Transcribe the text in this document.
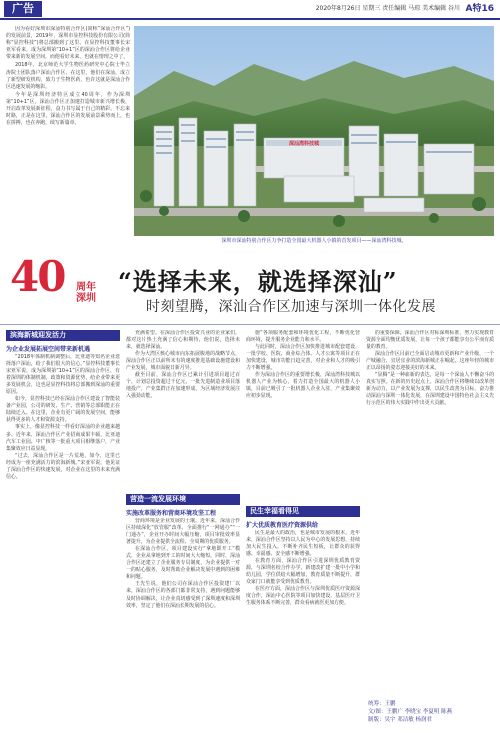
广告	2020年8月26日 星期三 责任编辑 马琼 美术编辑 谷川 A特16

因为看好深圳市深汕特别合作区(简称“深汕合作区”)的发展前景，2019年，深圳市显控科技股份有限公司(简称“显控科技”)将总部搬到了这里。在显控科技董事长宋亚军看来，成为深圳第“10+1”区的深汕合作区将给企业带来新的发展空间，而他看好未来，也就在情理之中了。

2018年，北京师范大学生物医药研究中心院士毕立涛院士团队落户深汕合作区，在这里，他们在深汕，成立了新型研发机构，致力于生物医药，也许这就是深汕合作区迅速发展的缩影。

今年是深圳经济特区成立40周年，作为深圳第“10+1”区，深汕合作区正加速打造城市新兴增长极，开启改革发展新征程，奋力书写属于自己的精彩。不忘来时路，正是在这里，深汕合作区的发展前景乘势而上，也在拼搏，也在奔跑，续写新篇章。

深汕湾科技城
深圳市深汕特别合作区力争打造全国最大机器人小镇的首发项目——深汕湾科技城。
40 周年深圳
“选择未来，就选择深汕”
时刻望腾，深汕合作区加速与深圳一体化发展
滨海新城迎发活力
为企业发展拓展空间带来新机遇

“2018年体制机制调整后，比亚迪等知名企业选择落户深汕，给了我们很大的信心。”显控科技董事长宋亚军说，成为深圳第“10+1”区的深汕合作区，有着深圳的体制机制、政策和资源优势，给企业带来更多发展机会，这也是显控科技将总部搬到深汕的重要原因。

如今，显控科技已经在深汕合作区建设了智能装备产业园，公司的研发、生产、营销等总部职能正在陆续迁入。在这里，企业有更广阔的发展空间，能够获得更多的人才和资源支持。

事实上，像显控科技一样看好深汕的企业越来越多。近年来，深汕合作区产业招商成果丰硕，比亚迪汽车工业园、中广核等一批重大项目相继落户，产业集聚效应日益显现。

“过去，深汕合作区是一片荒地，如今，这里已经成为一座充满活力的滨海新城。”宋亚军说，他见证了深汕合作区的快速发展，对企业在这里的未来充满信心。

充满希望。在深汕合作区投资兴业的企业家们，都对这片热土充满了信心和期待，他们说，选择未来，就选择深汕。

作为大湾区核心城市向东拓展腹地的战略节点，深汕合作区正以前所未有的速度推进基础设施建设和产业发展，城市面貌日新月异。

截至目前，深汕合作区已累计引进项目超过百个，计划总投资超过千亿元，一批先进制造业项目落地投产，产业集群正在加速形成，为区域经济发展注入强劲动能。

营造一流发展环境
实施改革服务和营商环境攻坚工程

营商环境是企业发展的土壤。近年来，深汕合作区持续深化“放管服”改革，全面推行“一网通办”“一门通办”，企业开办时间大幅压缩，项目审批效率显著提升，为企业提供全流程、全周期的优质服务。

在深汕合作区，项目建设实行“拿地即开工”模式，企业从拿地到开工的时间大大缩短。同时，深汕合作区还建立了企业服务专员制度，为企业提供一对一的贴心服务，及时帮助企业解决发展中遇到的困难和问题。

王先生说，他们公司在深汕合作区投资建厂以来，深汕合作区的各部门都非常支持，遇到问题能够及时协调解决，让企业真切感受到了深圳速度和深圳效率，坚定了他们在深汕长期发展的信心。

施”各项服务配套和环境优化工程，不断优化营商环境，提升服务企业能力和水平。

与此同时，深汕合作区加快推进城市配套建设，一批学校、医院、商业综合体、人才公寓等项目正在加快建设，城市功能日趋完善，对企业和人才的吸引力不断增强。

作为深汕合作区的重要增长极，深汕湾科技城以机器人产业为核心，着力打造全国最大的机器人小镇，目前已吸引了一批机器人企业入驻，产业集聚效应初步显现。

民生幸福看得见
扩大优质教育医疗资源供给

民生是最大的政治，也是城市发展的根本。近年来，深汕合作区坚持以人民为中心的发展思想，持续加大民生投入，不断补齐民生短板，让群众的获得感、幸福感、安全感不断增强。

在教育方面，深汕合作区引进深圳优质教育资源，与深圳名校合作办学，新建改扩建一批中小学和幼儿园，学位供给大幅增加，教育质量不断提升，群众家门口就能享受到优质教育。

在医疗方面，深汕合作区与深圳优质医疗资源深度合作，深汕中心医院等项目加快建设，基层医疗卫生服务体系不断完善，群众看病就医更加方便。

的重要保障。深汕合作区对标深圳标准，努力实现教育资源全面均衡优质发展，让每一个孩子都能享有公平而有质量的教育。

深汕合作区目前已全面启动城市更新和产业升级，一个产城融合、宜居宜业的滨海新城正在崛起，这座年轻的城市正以昂扬的姿态迎接美好的未来。

“显腾”是一种崭新的表达，是每一个深汕人不懈奋斗的真实写照。在新的历史起点上，深汕合作区将继续以改革创新为动力，以产业发展为支撑，以民生改善为目标，奋力推动深汕与深圳一体化发展，在深圳建设中国特色社会主义先行示范区的伟大实践中作出更大贡献。

统筹：王鹏
文/图：王鹏广 李晓宝 李夏明 陈燕
制版：吴宇 邓洁敏 杨润君
